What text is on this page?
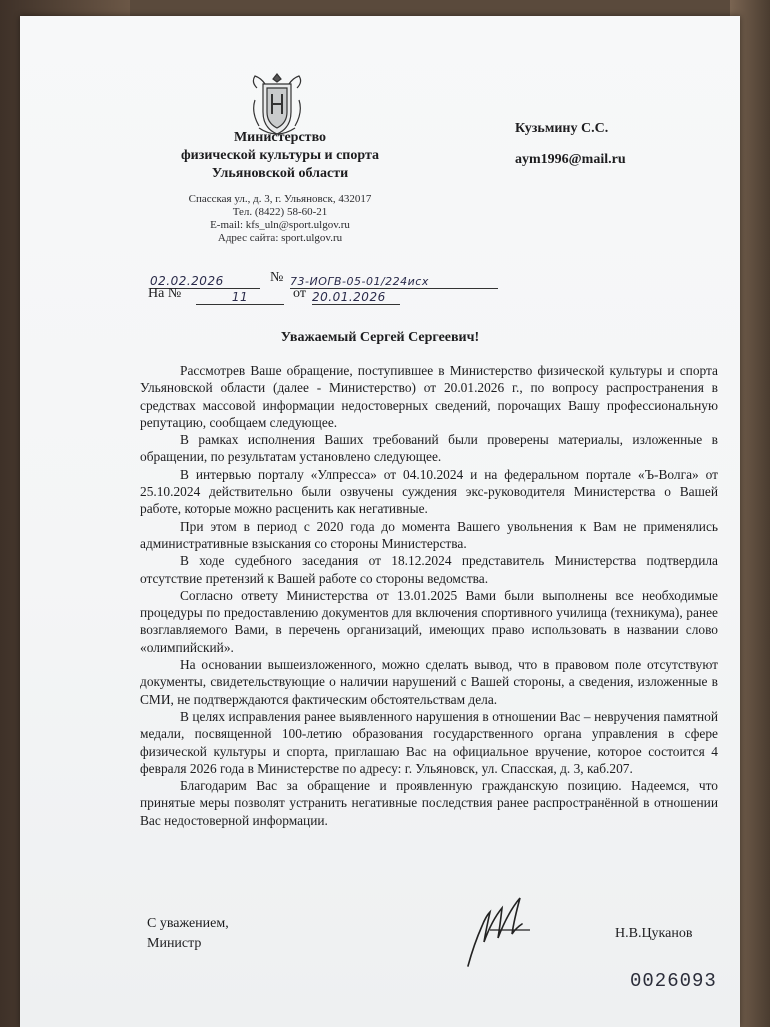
Министерство
физической культуры и спорта
Ульяновской области
Спасская ул., д. 3, г. Ульяновск, 432017
Тел. (8422) 58-60-21
E-mail: kfs_uln@sport.ulgov.ru
Адрес сайта: sport.ulgov.ru
Кузьмину С.С.
aym1996@mail.ru
02.02.2026	№ 73-ИОГВ-05-01/224исх
На №	11	от 20.01.2026
Уважаемый Сергей Сергеевич!

Рассмотрев Ваше обращение, поступившее в Министерство физической культуры и спорта Ульяновской области (далее - Министерство) от 20.01.2026 г., по вопросу распространения в средствах массовой информации недостоверных сведений, порочащих Вашу профессиональную репутацию, сообщаем следующее.

В рамках исполнения Ваших требований были проверены материалы, изложенные в обращении, по результатам установлено следующее.

В интервью порталу «Улпресса» от 04.10.2024 и на федеральном портале «Ъ-Волга» от 25.10.2024 действительно были озвучены суждения экс-руководителя Министерства о Вашей работе, которые можно расценить как негативные.

При этом в период с 2020 года до момента Вашего увольнения к Вам не применялись административные взыскания со стороны Министерства.

В ходе судебного заседания от 18.12.2024 представитель Министерства подтвердила отсутствие претензий к Вашей работе со стороны ведомства.

Согласно ответу Министерства от 13.01.2025 Вами были выполнены все необходимые процедуры по предоставлению документов для включения спортивного училища (техникума), ранее возглавляемого Вами, в перечень организаций, имеющих право использовать в названии слово «олимпийский».

На основании вышеизложенного, можно сделать вывод, что в правовом поле отсутствуют документы, свидетельствующие о наличии нарушений с Вашей стороны, а сведения, изложенные в СМИ, не подтверждаются фактическим обстоятельствам дела.

В целях исправления ранее выявленного нарушения в отношении Вас – невручения памятной медали, посвященной 100-летию образования государственного органа управления в сфере физической культуры и спорта, приглашаю Вас на официальное вручение, которое состоится 4 февраля 2026 года в Министерстве по адресу: г. Ульяновск, ул. Спасская, д. 3, каб.207.

Благодарим Вас за обращение и проявленную гражданскую позицию. Надеемся, что принятые меры позволят устранить негативные последствия ранее распространённой в отношении Вас недостоверной информации.

С уважением,
Министр
Н.В.Цуканов
0026093
